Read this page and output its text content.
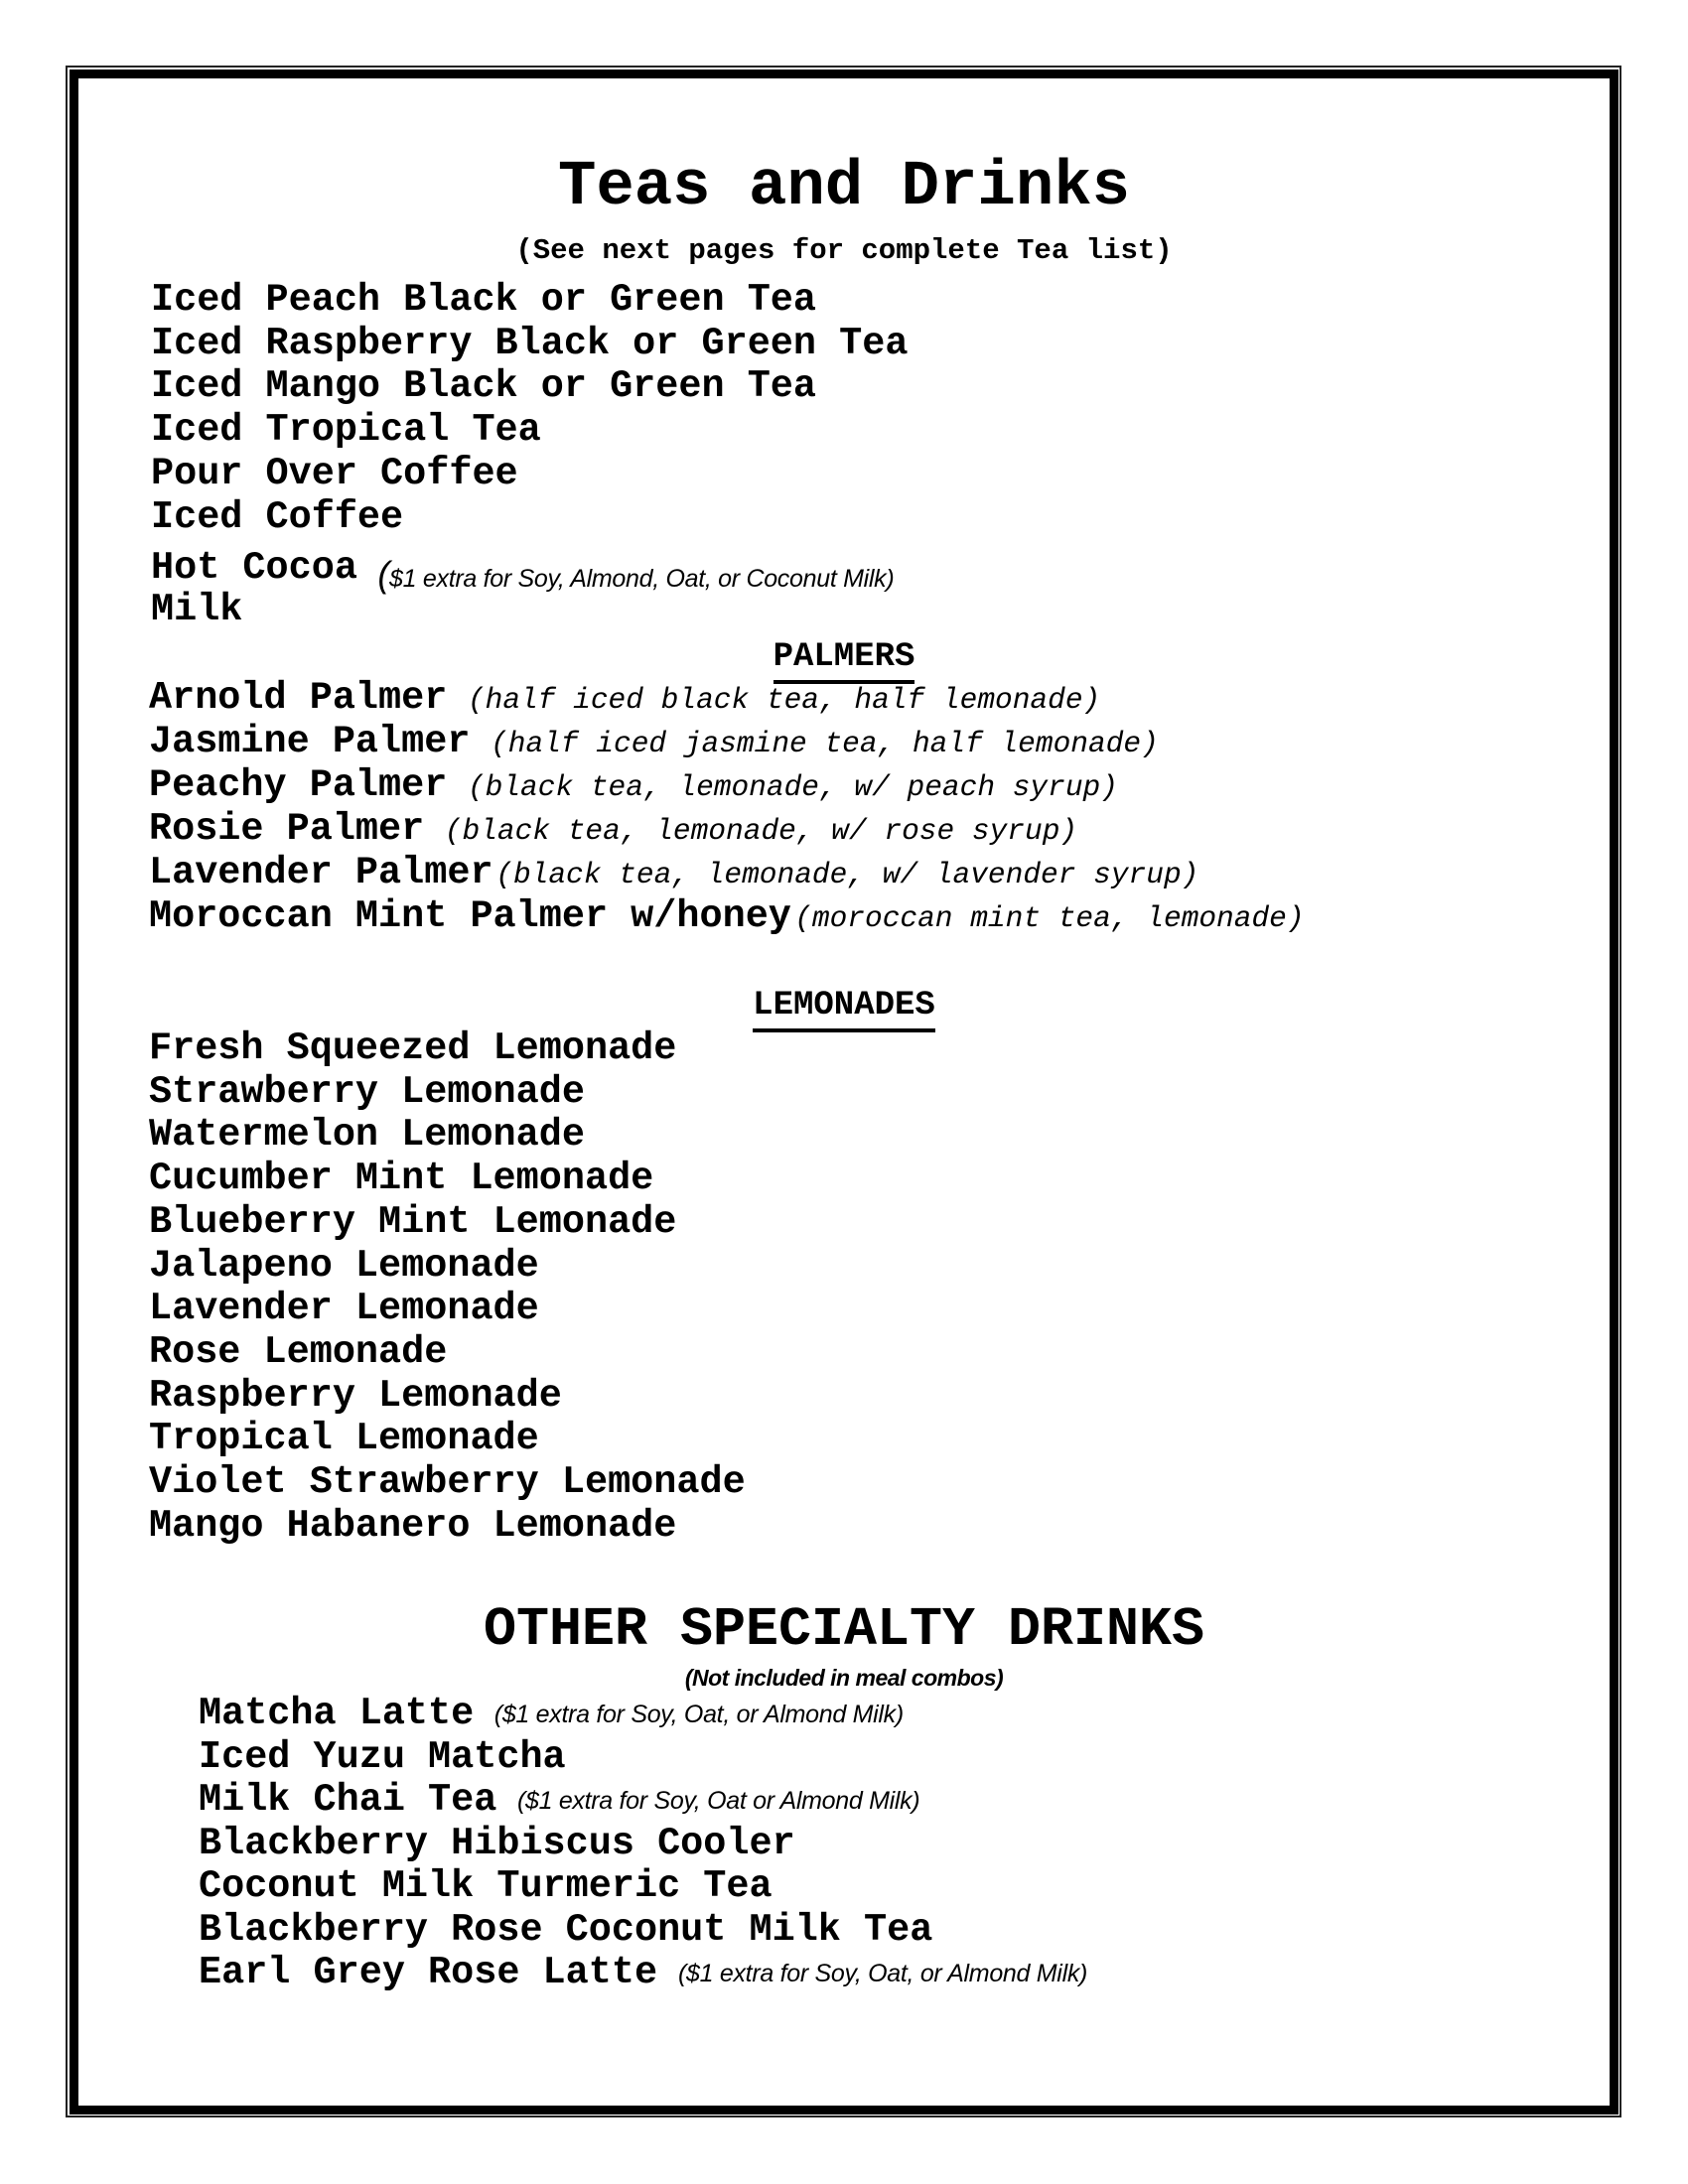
Teas and Drinks
(See next pages for complete Tea list)
Iced Peach Black or Green Tea
Iced Raspberry Black or Green Tea
Iced Mango Black or Green Tea
Iced Tropical Tea
Pour Over Coffee
Iced Coffee
Hot Cocoa ($1 extra for Soy, Almond, Oat, or Coconut Milk)
Milk
PALMERS
Arnold Palmer (half iced black tea, half lemonade)
Jasmine Palmer (half iced jasmine tea, half lemonade)
Peachy Palmer (black tea, lemonade, w/ peach syrup)
Rosie Palmer (black tea, lemonade, w/ rose syrup)
Lavender Palmer (black tea, lemonade, w/ lavender syrup)
Moroccan Mint Palmer w/honey (moroccan mint tea, lemonade)
LEMONADES
Fresh Squeezed Lemonade
Strawberry Lemonade
Watermelon Lemonade
Cucumber Mint Lemonade
Blueberry Mint Lemonade
Jalapeno Lemonade
Lavender Lemonade
Rose Lemonade
Raspberry Lemonade
Tropical Lemonade
Violet Strawberry Lemonade
Mango Habanero Lemonade
OTHER SPECIALTY DRINKS
(Not included in meal combos)
Matcha Latte ($1 extra for Soy, Oat, or Almond Milk)
Iced Yuzu Matcha
Milk Chai Tea ($1 extra for Soy, Oat or Almond Milk)
Blackberry Hibiscus Cooler
Coconut Milk Turmeric Tea
Blackberry Rose Coconut Milk Tea
Earl Grey Rose Latte ($1 extra for Soy, Oat, or Almond Milk)
